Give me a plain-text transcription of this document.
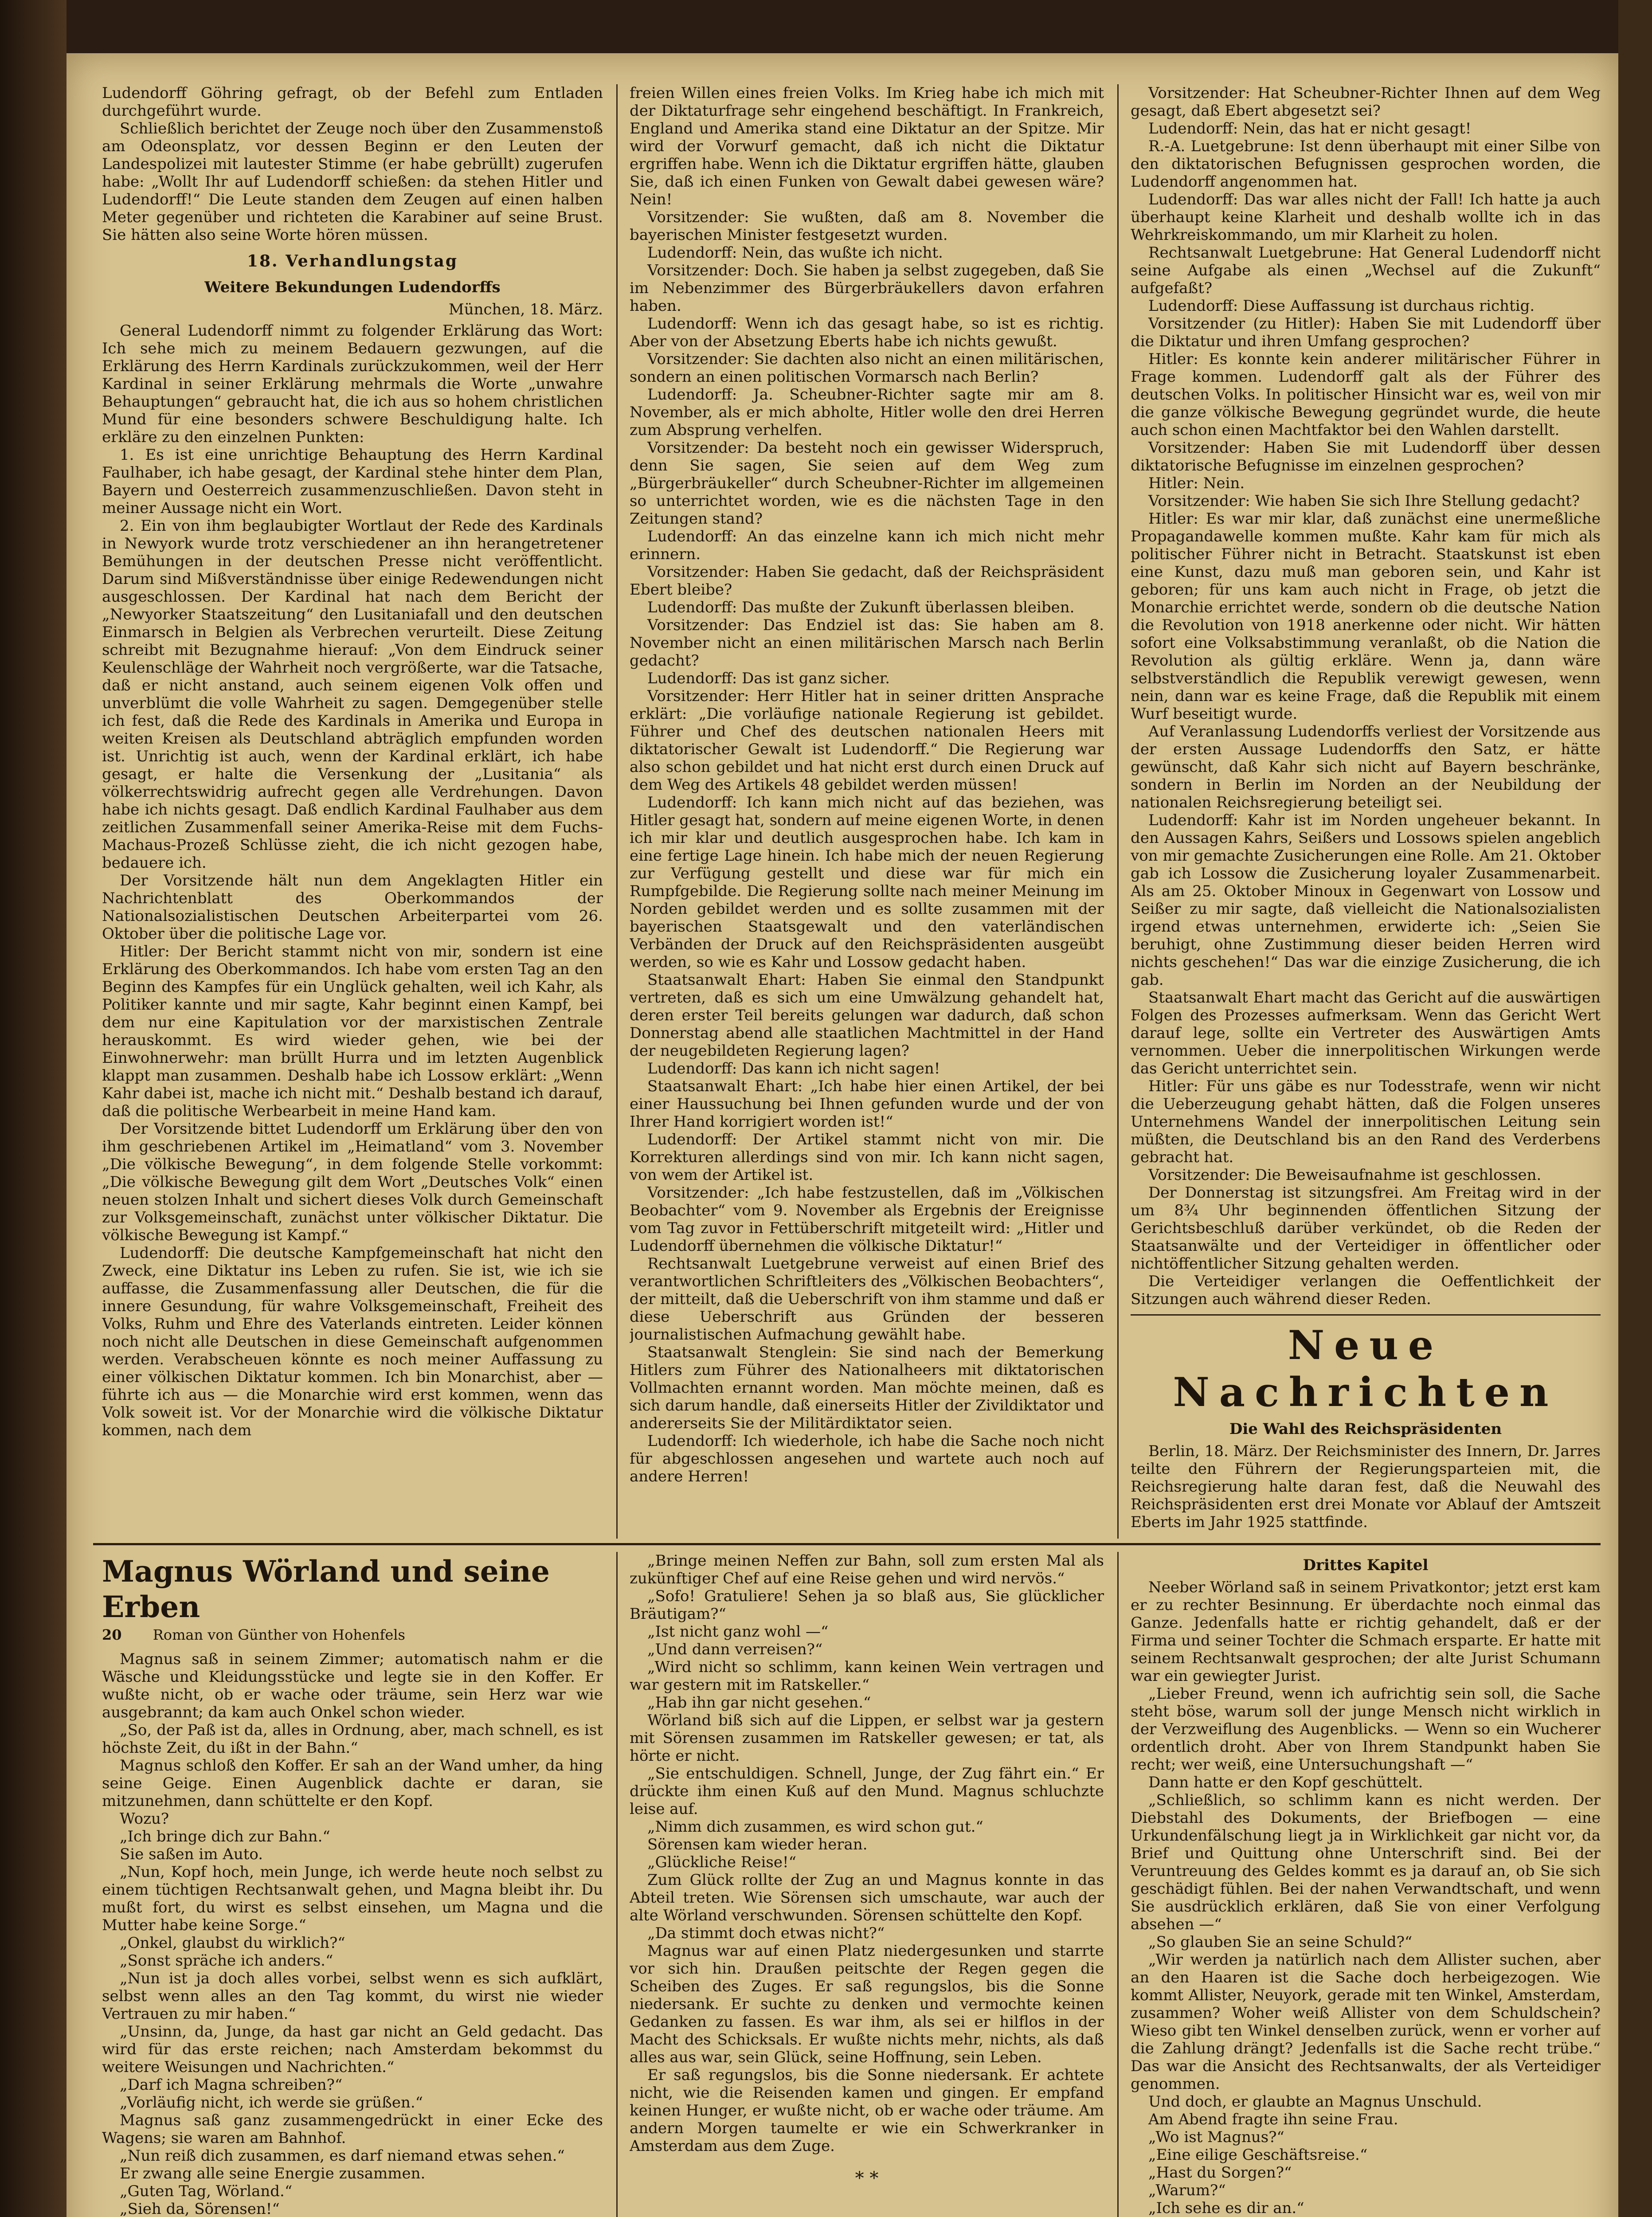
Ludendorff Göhring gefragt, ob der Befehl zum Entladen durchgeführt wurde.

Schließlich berichtet der Zeuge noch über den Zusammenstoß am Odeonsplatz, vor dessen Beginn er den Leuten der Landespolizei mit lautester Stimme (er habe gebrüllt) zugerufen habe: „Wollt Ihr auf Ludendorff schießen: da stehen Hitler und Ludendorff!“ Die Leute standen dem Zeugen auf einen halben Meter gegenüber und richteten die Karabiner auf seine Brust. Sie hätten also seine Worte hören müssen.

18. Verhandlungstag
Weitere Bekundungen Ludendorffs
München, 18. März.

General Ludendorff nimmt zu folgender Erklärung das Wort: Ich sehe mich zu meinem Bedauern gezwungen, auf die Erklärung des Herrn Kardinals zurückzukommen, weil der Herr Kardinal in seiner Erklärung mehrmals die Worte „unwahre Behauptungen“ gebraucht hat, die ich aus so hohem christlichen Mund für eine besonders schwere Beschuldigung halte. Ich erkläre zu den einzelnen Punkten:

1. Es ist eine unrichtige Behauptung des Herrn Kardinal Faulhaber, ich habe gesagt, der Kardinal stehe hinter dem Plan, Bayern und Oesterreich zusammenzuschließen. Davon steht in meiner Aussage nicht ein Wort.

2. Ein von ihm beglaubigter Wortlaut der Rede des Kardinals in Newyork wurde trotz verschiedener an ihn herangetretener Bemühungen in der deutschen Presse nicht veröffentlicht. Darum sind Mißverständnisse über einige Redewendungen nicht ausgeschlossen. Der Kardinal hat nach dem Bericht der „Newyorker Staatszeitung“ den Lusitaniafall und den deutschen Einmarsch in Belgien als Verbrechen verurteilt. Diese Zeitung schreibt mit Bezugnahme hierauf: „Von dem Eindruck seiner Keulenschläge der Wahrheit noch vergrößerte, war die Tatsache, daß er nicht anstand, auch seinem eigenen Volk offen und unverblümt die volle Wahrheit zu sagen. Demgegenüber stelle ich fest, daß die Rede des Kardinals in Amerika und Europa in weiten Kreisen als Deutschland abträglich empfunden worden ist. Unrichtig ist auch, wenn der Kardinal erklärt, ich habe gesagt, er halte die Versenkung der „Lusitania“ als völkerrechtswidrig aufrecht gegen alle Verdrehungen. Davon habe ich nichts gesagt. Daß endlich Kardinal Faulhaber aus dem zeitlichen Zusammenfall seiner Amerika-Reise mit dem Fuchs-Machaus-Prozeß Schlüsse zieht, die ich nicht gezogen habe, bedauere ich.

Der Vorsitzende hält nun dem Angeklagten Hitler ein Nachrichtenblatt des Oberkommandos der Nationalsozialistischen Deutschen Arbeiterpartei vom 26. Oktober über die politische Lage vor.

Hitler: Der Bericht stammt nicht von mir, sondern ist eine Erklärung des Oberkommandos. Ich habe vom ersten Tag an den Beginn des Kampfes für ein Unglück gehalten, weil ich Kahr, als Politiker kannte und mir sagte, Kahr beginnt einen Kampf, bei dem nur eine Kapitulation vor der marxistischen Zentrale herauskommt. Es wird wieder gehen, wie bei der Einwohnerwehr: man brüllt Hurra und im letzten Augenblick klappt man zusammen. Deshalb habe ich Lossow erklärt: „Wenn Kahr dabei ist, mache ich nicht mit.“ Deshalb bestand ich darauf, daß die politische Werbearbeit in meine Hand kam.

Der Vorsitzende bittet Ludendorff um Erklärung über den von ihm geschriebenen Artikel im „Heimatland“ vom 3. November „Die völkische Bewegung“, in dem folgende Stelle vorkommt: „Die völkische Bewegung gilt dem Wort „Deutsches Volk“ einen neuen stolzen Inhalt und sichert dieses Volk durch Gemeinschaft zur Volksgemeinschaft, zunächst unter völkischer Diktatur. Die völkische Bewegung ist Kampf.“

Ludendorff: Die deutsche Kampfgemeinschaft hat nicht den Zweck, eine Diktatur ins Leben zu rufen. Sie ist, wie ich sie auffasse, die Zusammenfassung aller Deutschen, die für die innere Gesundung, für wahre Volksgemeinschaft, Freiheit des Volks, Ruhm und Ehre des Vaterlands eintreten. Leider können noch nicht alle Deutschen in diese Gemeinschaft aufgenommen werden. Verabscheuen könnte es noch meiner Auffassung zu einer völkischen Diktatur kommen. Ich bin Monarchist, aber — führte ich aus — die Monarchie wird erst kommen, wenn das Volk soweit ist. Vor der Monarchie wird die völkische Diktatur kommen, nach dem

freien Willen eines freien Volks. Im Krieg habe ich mich mit der Diktaturfrage sehr eingehend beschäftigt. In Frankreich, England und Amerika stand eine Diktatur an der Spitze. Mir wird der Vorwurf gemacht, daß ich nicht die Diktatur ergriffen habe. Wenn ich die Diktatur ergriffen hätte, glauben Sie, daß ich einen Funken von Gewalt dabei gewesen wäre? Nein!

Vorsitzender: Sie wußten, daß am 8. November die bayerischen Minister festgesetzt wurden.

Ludendorff: Nein, das wußte ich nicht.

Vorsitzender: Doch. Sie haben ja selbst zugegeben, daß Sie im Nebenzimmer des Bürgerbräukellers davon erfahren haben.

Ludendorff: Wenn ich das gesagt habe, so ist es richtig. Aber von der Absetzung Eberts habe ich nichts gewußt.

Vorsitzender: Sie dachten also nicht an einen militärischen, sondern an einen politischen Vormarsch nach Berlin?

Ludendorff: Ja. Scheubner-Richter sagte mir am 8. November, als er mich abholte, Hitler wolle den drei Herren zum Absprung verhelfen.

Vorsitzender: Da besteht noch ein gewisser Widerspruch, denn Sie sagen, Sie seien auf dem Weg zum „Bürgerbräukeller“ durch Scheubner-Richter im allgemeinen so unterrichtet worden, wie es die nächsten Tage in den Zeitungen stand?

Ludendorff: An das einzelne kann ich mich nicht mehr erinnern.

Vorsitzender: Haben Sie gedacht, daß der Reichspräsident Ebert bleibe?

Ludendorff: Das mußte der Zukunft überlassen bleiben.

Vorsitzender: Das Endziel ist das: Sie haben am 8. November nicht an einen militärischen Marsch nach Berlin gedacht?

Ludendorff: Das ist ganz sicher.

Vorsitzender: Herr Hitler hat in seiner dritten Ansprache erklärt: „Die vorläufige nationale Regierung ist gebildet. Führer und Chef des deutschen nationalen Heers mit diktatorischer Gewalt ist Ludendorff.“ Die Regierung war also schon gebildet und hat nicht erst durch einen Druck auf dem Weg des Artikels 48 gebildet werden müssen!

Ludendorff: Ich kann mich nicht auf das beziehen, was Hitler gesagt hat, sondern auf meine eigenen Worte, in denen ich mir klar und deutlich ausgesprochen habe. Ich kam in eine fertige Lage hinein. Ich habe mich der neuen Regierung zur Verfügung gestellt und diese war für mich ein Rumpfgebilde. Die Regierung sollte nach meiner Meinung im Norden gebildet werden und es sollte zusammen mit der bayerischen Staatsgewalt und den vaterländischen Verbänden der Druck auf den Reichspräsidenten ausgeübt werden, so wie es Kahr und Lossow gedacht haben.

Staatsanwalt Ehart: Haben Sie einmal den Standpunkt vertreten, daß es sich um eine Umwälzung gehandelt hat, deren erster Teil bereits gelungen war dadurch, daß schon Donnerstag abend alle staatlichen Machtmittel in der Hand der neugebildeten Regierung lagen?

Ludendorff: Das kann ich nicht sagen!

Staatsanwalt Ehart: „Ich habe hier einen Artikel, der bei einer Haussuchung bei Ihnen gefunden wurde und der von Ihrer Hand korrigiert worden ist!“

Ludendorff: Der Artikel stammt nicht von mir. Die Korrekturen allerdings sind von mir. Ich kann nicht sagen, von wem der Artikel ist.

Vorsitzender: „Ich habe festzustellen, daß im „Völkischen Beobachter“ vom 9. November als Ergebnis der Ereignisse vom Tag zuvor in Fettüberschrift mitgeteilt wird: „Hitler und Ludendorff übernehmen die völkische Diktatur!“

Rechtsanwalt Luetgebrune verweist auf einen Brief des verantwortlichen Schriftleiters des „Völkischen Beobachters“, der mitteilt, daß die Ueberschrift von ihm stamme und daß er diese Ueberschrift aus Gründen der besseren journalistischen Aufmachung gewählt habe.

Staatsanwalt Stenglein: Sie sind nach der Bemerkung Hitlers zum Führer des Nationalheers mit diktatorischen Vollmachten ernannt worden. Man möchte meinen, daß es sich darum handle, daß einerseits Hitler der Zivildiktator und andererseits Sie der Militärdiktator seien.

Ludendorff: Ich wiederhole, ich habe die Sache noch nicht für abgeschlossen angesehen und wartete auch noch auf andere Herren!

Vorsitzender: Hat Scheubner-Richter Ihnen auf dem Weg gesagt, daß Ebert abgesetzt sei?

Ludendorff: Nein, das hat er nicht gesagt!

R.-A. Luetgebrune: Ist denn überhaupt mit einer Silbe von den diktatorischen Befugnissen gesprochen worden, die Ludendorff angenommen hat.

Ludendorff: Das war alles nicht der Fall! Ich hatte ja auch überhaupt keine Klarheit und deshalb wollte ich in das Wehrkreiskommando, um mir Klarheit zu holen.

Rechtsanwalt Luetgebrune: Hat General Ludendorff nicht seine Aufgabe als einen „Wechsel auf die Zukunft“ aufgefaßt?

Ludendorff: Diese Auffassung ist durchaus richtig.

Vorsitzender (zu Hitler): Haben Sie mit Ludendorff über die Diktatur und ihren Umfang gesprochen?

Hitler: Es konnte kein anderer militärischer Führer in Frage kommen. Ludendorff galt als der Führer des deutschen Volks. In politischer Hinsicht war es, weil von mir die ganze völkische Bewegung gegründet wurde, die heute auch schon einen Machtfaktor bei den Wahlen darstellt.

Vorsitzender: Haben Sie mit Ludendorff über dessen diktatorische Befugnisse im einzelnen gesprochen?

Hitler: Nein.

Vorsitzender: Wie haben Sie sich Ihre Stellung gedacht?

Hitler: Es war mir klar, daß zunächst eine unermeßliche Propagandawelle kommen mußte. Kahr kam für mich als politischer Führer nicht in Betracht. Staatskunst ist eben eine Kunst, dazu muß man geboren sein, und Kahr ist geboren; für uns kam auch nicht in Frage, ob jetzt die Monarchie errichtet werde, sondern ob die deutsche Nation die Revolution von 1918 anerkenne oder nicht. Wir hätten sofort eine Volksabstimmung veranlaßt, ob die Nation die Revolution als gültig erkläre. Wenn ja, dann wäre selbstverständlich die Republik verewigt gewesen, wenn nein, dann war es keine Frage, daß die Republik mit einem Wurf beseitigt wurde.

Auf Veranlassung Ludendorffs verliest der Vorsitzende aus der ersten Aussage Ludendorffs den Satz, er hätte gewünscht, daß Kahr sich nicht auf Bayern beschränke, sondern in Berlin im Norden an der Neubildung der nationalen Reichsregierung beteiligt sei.

Ludendorff: Kahr ist im Norden ungeheuer bekannt. In den Aussagen Kahrs, Seißers und Lossows spielen angeblich von mir gemachte Zusicherungen eine Rolle. Am 21. Oktober gab ich Lossow die Zusicherung loyaler Zusammenarbeit. Als am 25. Oktober Minoux in Gegenwart von Lossow und Seißer zu mir sagte, daß vielleicht die Nationalsozialisten irgend etwas unternehmen, erwiderte ich: „Seien Sie beruhigt, ohne Zustimmung dieser beiden Herren wird nichts geschehen!“ Das war die einzige Zusicherung, die ich gab.

Staatsanwalt Ehart macht das Gericht auf die auswärtigen Folgen des Prozesses aufmerksam. Wenn das Gericht Wert darauf lege, sollte ein Vertreter des Auswärtigen Amts vernommen. Ueber die innerpolitischen Wirkungen werde das Gericht unterrichtet sein.

Hitler: Für uns gäbe es nur Todesstrafe, wenn wir nicht die Ueberzeugung gehabt hätten, daß die Folgen unseres Unternehmens Wandel der innerpolitischen Leitung sein müßten, die Deutschland bis an den Rand des Verderbens gebracht hat.

Vorsitzender: Die Beweisaufnahme ist geschlossen.

Der Donnerstag ist sitzungsfrei. Am Freitag wird in der um 8¾ Uhr beginnenden öffentlichen Sitzung der Gerichtsbeschluß darüber verkündet, ob die Reden der Staatsanwälte und der Verteidiger in öffentlicher oder nichtöffentlicher Sitzung gehalten werden.

Die Verteidiger verlangen die Oeffentlichkeit der Sitzungen auch während dieser Reden.

Neue Nachrichten
Die Wahl des Reichspräsidenten

Berlin, 18. März. Der Reichsminister des Innern, Dr. Jarres teilte den Führern der Regierungsparteien mit, die Reichsregierung halte daran fest, daß die Neuwahl des Reichspräsidenten erst drei Monate vor Ablauf der Amtszeit Eberts im Jahr 1925 stattfinde.

Magnus Wörland und seine Erben
20 Roman von Günther von Hohenfels

Magnus saß in seinem Zimmer; automatisch nahm er die Wäsche und Kleidungsstücke und legte sie in den Koffer. Er wußte nicht, ob er wache oder träume, sein Herz war wie ausgebrannt; da kam auch Onkel schon wieder.

„So, der Paß ist da, alles in Ordnung, aber, mach schnell, es ist höchste Zeit, du ißt in der Bahn.“

Magnus schloß den Koffer. Er sah an der Wand umher, da hing seine Geige. Einen Augenblick dachte er daran, sie mitzunehmen, dann schüttelte er den Kopf.

Wozu?

„Ich bringe dich zur Bahn.“

Sie saßen im Auto.

„Nun, Kopf hoch, mein Junge, ich werde heute noch selbst zu einem tüchtigen Rechtsanwalt gehen, und Magna bleibt ihr. Du mußt fort, du wirst es selbst einsehen, um Magna und die Mutter habe keine Sorge.“

„Onkel, glaubst du wirklich?“

„Sonst spräche ich anders.“

„Nun ist ja doch alles vorbei, selbst wenn es sich aufklärt, selbst wenn alles an den Tag kommt, du wirst nie wieder Vertrauen zu mir haben.“

„Unsinn, da, Junge, da hast gar nicht an Geld gedacht. Das wird für das erste reichen; nach Amsterdam bekommst du weitere Weisungen und Nachrichten.“

„Darf ich Magna schreiben?“

„Vorläufig nicht, ich werde sie grüßen.“

Magnus saß ganz zusammengedrückt in einer Ecke des Wagens; sie waren am Bahnhof.

„Nun reiß dich zusammen, es darf niemand etwas sehen.“

Er zwang alle seine Energie zusammen.

„Guten Tag, Wörland.“

„Sieh da, Sörensen!“

„Bringe meinen Neffen zur Bahn, soll zum ersten Mal als zukünftiger Chef auf eine Reise gehen und wird nervös.“

„Sofo! Gratuliere! Sehen ja so blaß aus, Sie glücklicher Bräutigam?“

„Ist nicht ganz wohl —“

„Und dann verreisen?“

„Wird nicht so schlimm, kann keinen Wein vertragen und war gestern mit im Ratskeller.“

„Hab ihn gar nicht gesehen.“

Wörland biß sich auf die Lippen, er selbst war ja gestern mit Sörensen zusammen im Ratskeller gewesen; er tat, als hörte er nicht.

„Sie entschuldigen. Schnell, Junge, der Zug fährt ein.“ Er drückte ihm einen Kuß auf den Mund. Magnus schluchzte leise auf.

„Nimm dich zusammen, es wird schon gut.“

Sörensen kam wieder heran.

„Glückliche Reise!“

Zum Glück rollte der Zug an und Magnus konnte in das Abteil treten. Wie Sörensen sich umschaute, war auch der alte Wörland verschwunden. Sörensen schüttelte den Kopf.

„Da stimmt doch etwas nicht?“

Magnus war auf einen Platz niedergesunken und starrte vor sich hin. Draußen peitschte der Regen gegen die Scheiben des Zuges. Er saß regungslos, bis die Sonne niedersank. Er suchte zu denken und vermochte keinen Gedanken zu fassen. Es war ihm, als sei er hilflos in der Macht des Schicksals. Er wußte nichts mehr, nichts, als daß alles aus war, sein Glück, seine Hoffnung, sein Leben.

Er saß regungslos, bis die Sonne niedersank. Er achtete nicht, wie die Reisenden kamen und gingen. Er empfand keinen Hunger, er wußte nicht, ob er wache oder träume. Am andern Morgen taumelte er wie ein Schwerkranker in Amsterdam aus dem Zuge.

* *
Drittes Kapitel

Neeber Wörland saß in seinem Privatkontor; jetzt erst kam er zu rechter Besinnung. Er überdachte noch einmal das Ganze. Jedenfalls hatte er richtig gehandelt, daß er der Firma und seiner Tochter die Schmach ersparte. Er hatte mit seinem Rechtsanwalt gesprochen; der alte Jurist Schumann war ein gewiegter Jurist.

„Lieber Freund, wenn ich aufrichtig sein soll, die Sache steht böse, warum soll der junge Mensch nicht wirklich in der Verzweiflung des Augenblicks. — Wenn so ein Wucherer ordentlich droht. Aber von Ihrem Standpunkt haben Sie recht; wer weiß, eine Untersuchungshaft —“

Dann hatte er den Kopf geschüttelt.

„Schließlich, so schlimm kann es nicht werden. Der Diebstahl des Dokuments, der Briefbogen — eine Urkundenfälschung liegt ja in Wirklichkeit gar nicht vor, da Brief und Quittung ohne Unterschrift sind. Bei der Veruntreuung des Geldes kommt es ja darauf an, ob Sie sich geschädigt fühlen. Bei der nahen Verwandtschaft, und wenn Sie ausdrücklich erklären, daß Sie von einer Verfolgung absehen —“

„So glauben Sie an seine Schuld?“

„Wir werden ja natürlich nach dem Allister suchen, aber an den Haaren ist die Sache doch herbeigezogen. Wie kommt Allister, Neuyork, gerade mit ten Winkel, Amsterdam, zusammen? Woher weiß Allister von dem Schuldschein? Wieso gibt ten Winkel denselben zurück, wenn er vorher auf die Zahlung drängt? Jedenfalls ist die Sache recht trübe.“ Das war die Ansicht des Rechtsanwalts, der als Verteidiger genommen.

Und doch, er glaubte an Magnus Unschuld.

Am Abend fragte ihn seine Frau.

„Wo ist Magnus?“

„Eine eilige Geschäftsreise.“

„Hast du Sorgen?“

„Warum?“

„Ich sehe es dir an.“
